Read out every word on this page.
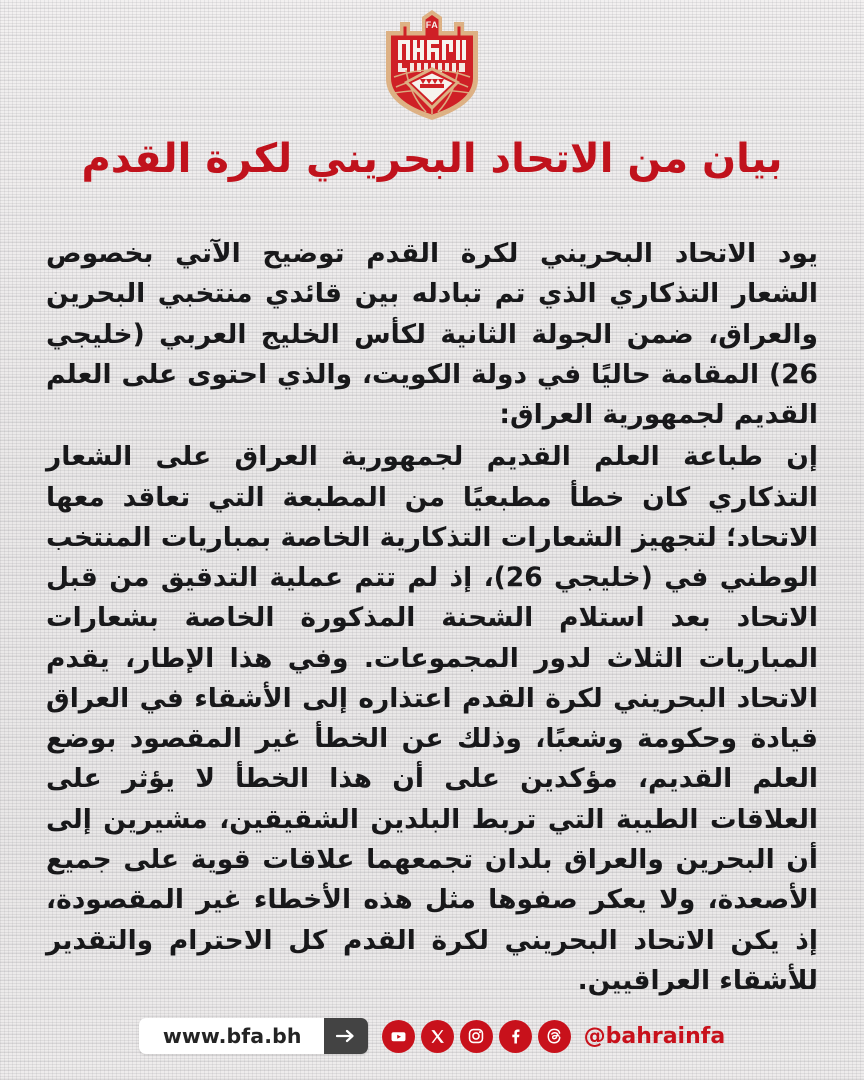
FA
بيان من الاتحاد البحريني لكرة القدم

يود الاتحاد البحريني لكرة القدم توضيح الآتي بخصوص الشعار التذكاري الذي تم تبادله بين قائدي منتخبي البحرين والعراق، ضمن الجولة الثانية لكأس الخليج العربي (خليجي 26) المقامة حاليًا في دولة الكويت، والذي احتوى على العلم القديم لجمهورية العراق:

إن طباعة العلم القديم لجمهورية العراق على الشعار التذكاري كان خطأ مطبعيًا من المطبعة التي تعاقد معها الاتحاد؛ لتجهيز الشعارات التذكارية الخاصة بمباريات المنتخب الوطني في (خليجي 26)، إذ لم تتم عملية التدقيق من قبل الاتحاد بعد استلام الشحنة المذكورة الخاصة بشعارات المباريات الثلاث لدور المجموعات. وفي هذا الإطار، يقدم الاتحاد البحريني لكرة القدم اعتذاره إلى الأشقاء في العراق قيادة وحكومة وشعبًا، وذلك عن الخطأ غير المقصود بوضع العلم القديم، مؤكدين على أن هذا الخطأ لا يؤثر على العلاقات الطيبة التي تربط البلدين الشقيقين، مشيرين إلى أن البحرين والعراق بلدان تجمعهما علاقات قوية على جميع الأصعدة، ولا يعكر صفوها مثل هذه الأخطاء غير المقصودة، إذ يكن الاتحاد البحريني لكرة القدم كل الاحترام والتقدير للأشقاء العراقيين.

www.bfa.bh	@bahrainfa
